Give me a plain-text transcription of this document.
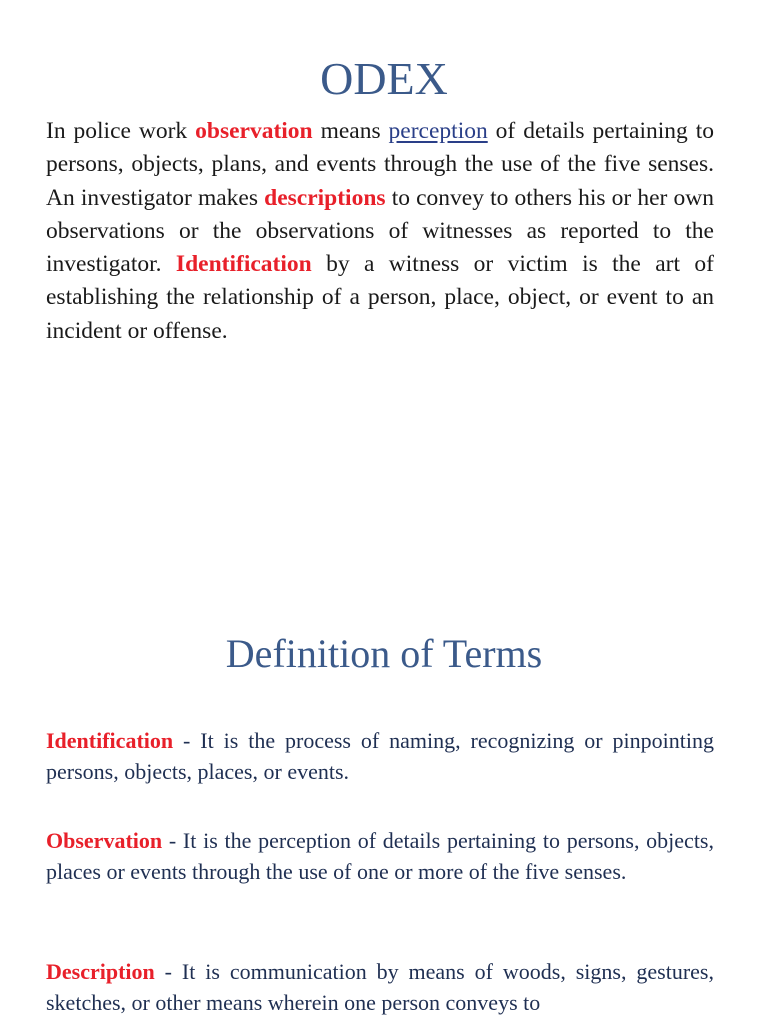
ODEX

In police work observation means perception of details pertaining to persons, objects, plans, and events through the use of the five senses. An investigator makes descriptions to convey to others his or her own observations or the observations of witnesses as reported to the investigator. Identification by a witness or victim is the art of establishing the relationship of a person, place, object, or event to an incident or offense.

Definition of Terms

Identification - It is the process of naming, recognizing or pinpointing persons, objects, places, or events.

Observation - It is the perception of details pertaining to persons, objects, places or events through the use of one or more of the five senses.

Description - It is communication by means of woods, signs, gestures, sketches, or other means wherein one person conveys to
